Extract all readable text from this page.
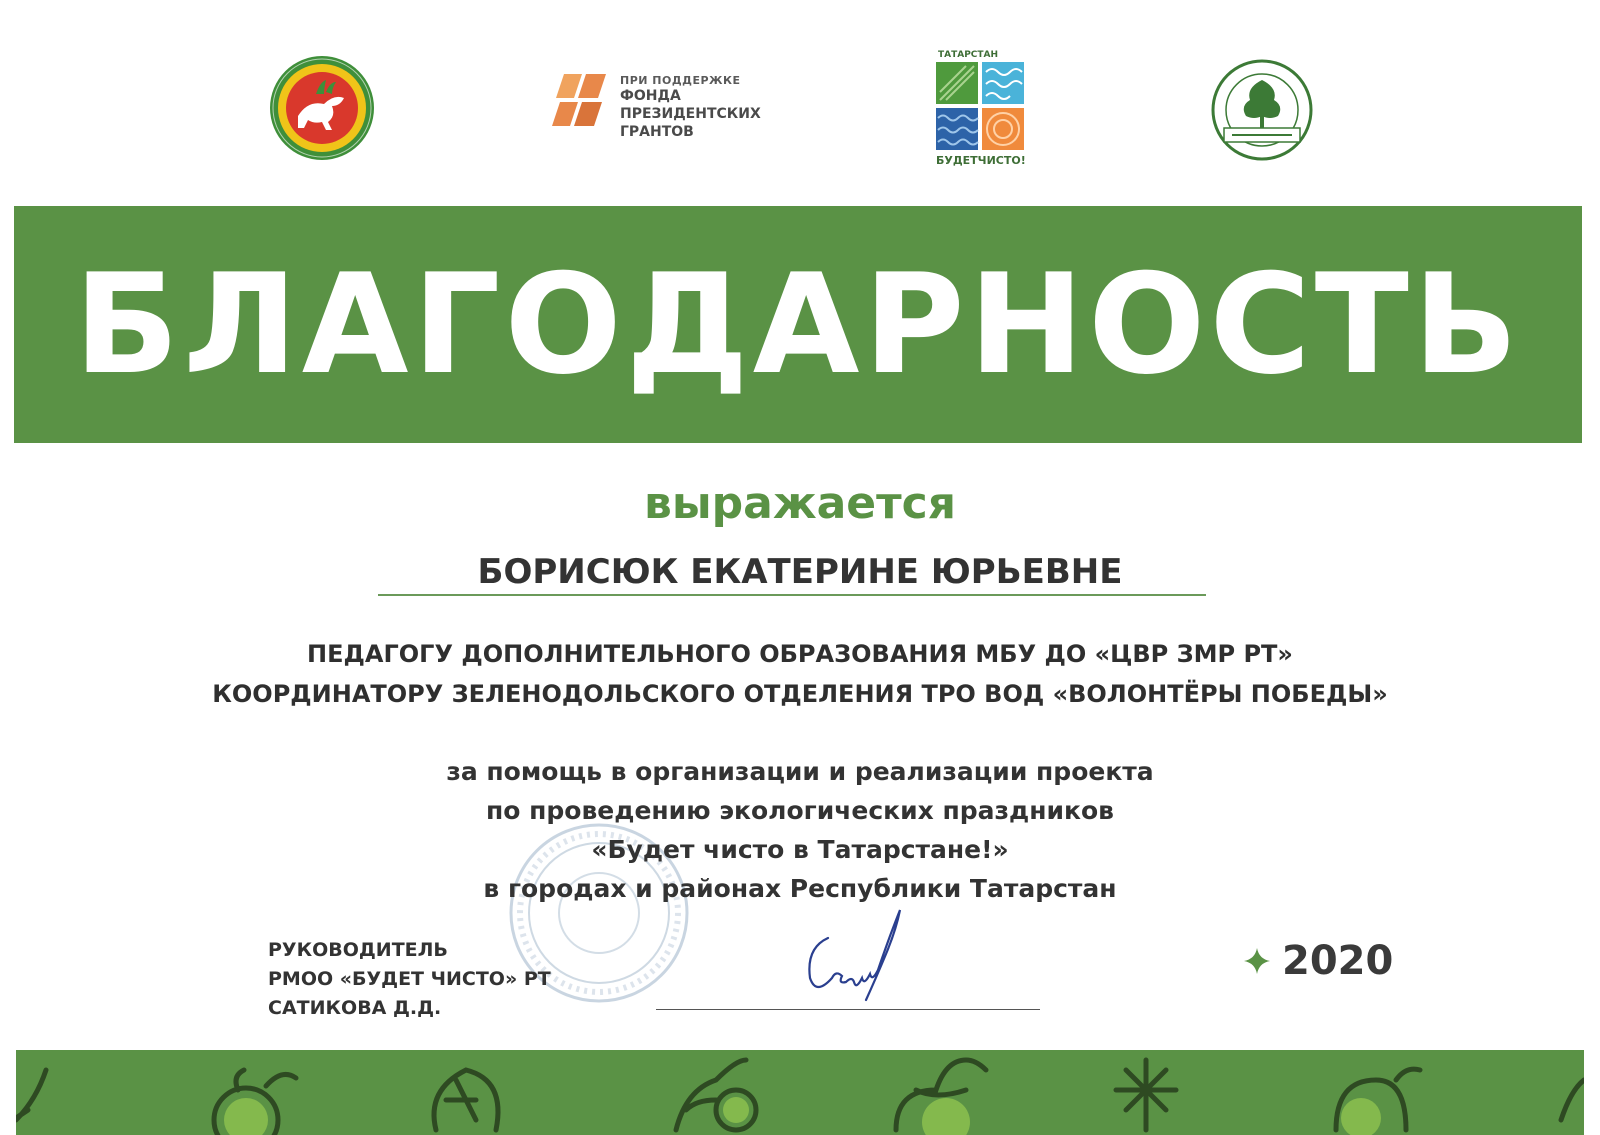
ПРИ ПОДДЕРЖКЕ
ФОНДА
ПРЕЗИДЕНТСКИХ
ГРАНТОВ
ТАТАРСТАН
БУДЕТЧИСТО!
БЛАГОДАРНОСТЬ
выражается
БОРИСЮК ЕКАТЕРИНЕ ЮРЬЕВНЕ
ПЕДАГОГУ ДОПОЛНИТЕЛЬНОГО ОБРАЗОВАНИЯ МБУ ДО «ЦВР ЗМР РТ»
КООРДИНАТОРУ ЗЕЛЕНОДОЛЬСКОГО ОТДЕЛЕНИЯ ТРО ВОД «ВОЛОНТЁРЫ ПОБЕДЫ»
за помощь в организации и реализации проекта
по проведению экологических праздников
«Будет чисто в Татарстане!»
в городах и районах Республики Татарстан
РУКОВОДИТЕЛЬ
РМОО «БУДЕТ ЧИСТО» РТ
САТИКОВА Д.Д.
2020
